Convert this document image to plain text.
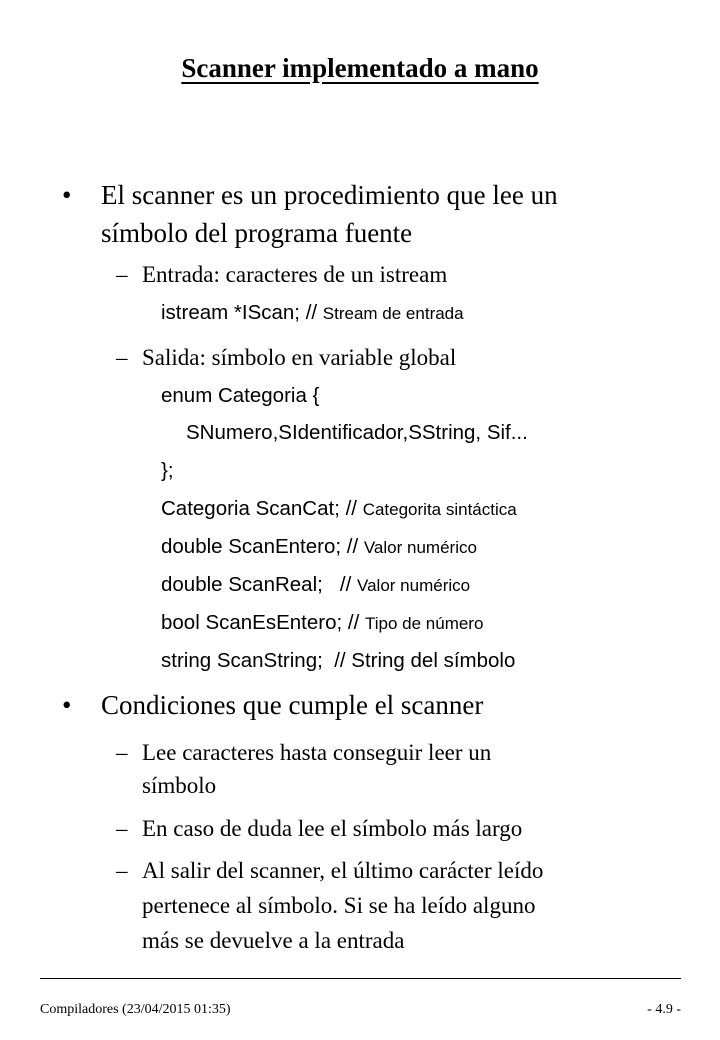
Scanner implementado a mano
• El scanner es un procedimiento que lee un
símbolo del programa fuente
– Entrada: caracteres de un istream
istream *IScan; // Stream de entrada
– Salida: símbolo en variable global
enum Categoria {
SNumero,SIdentificador,SString, Sif...
};
Categoria ScanCat; // Categorita sintáctica
double ScanEntero; // Valor numérico
double ScanReal;   // Valor numérico
bool ScanEsEntero; // Tipo de número
string ScanString;  // String del símbolo
• Condiciones que cumple el scanner
– Lee caracteres hasta conseguir leer un
símbolo
– En caso de duda lee el símbolo más largo
– Al salir del scanner, el último carácter leído
pertenece al símbolo. Si se ha leído alguno
más se devuelve a la entrada
Compiladores (23/04/2015 01:35)	- 4.9 -
